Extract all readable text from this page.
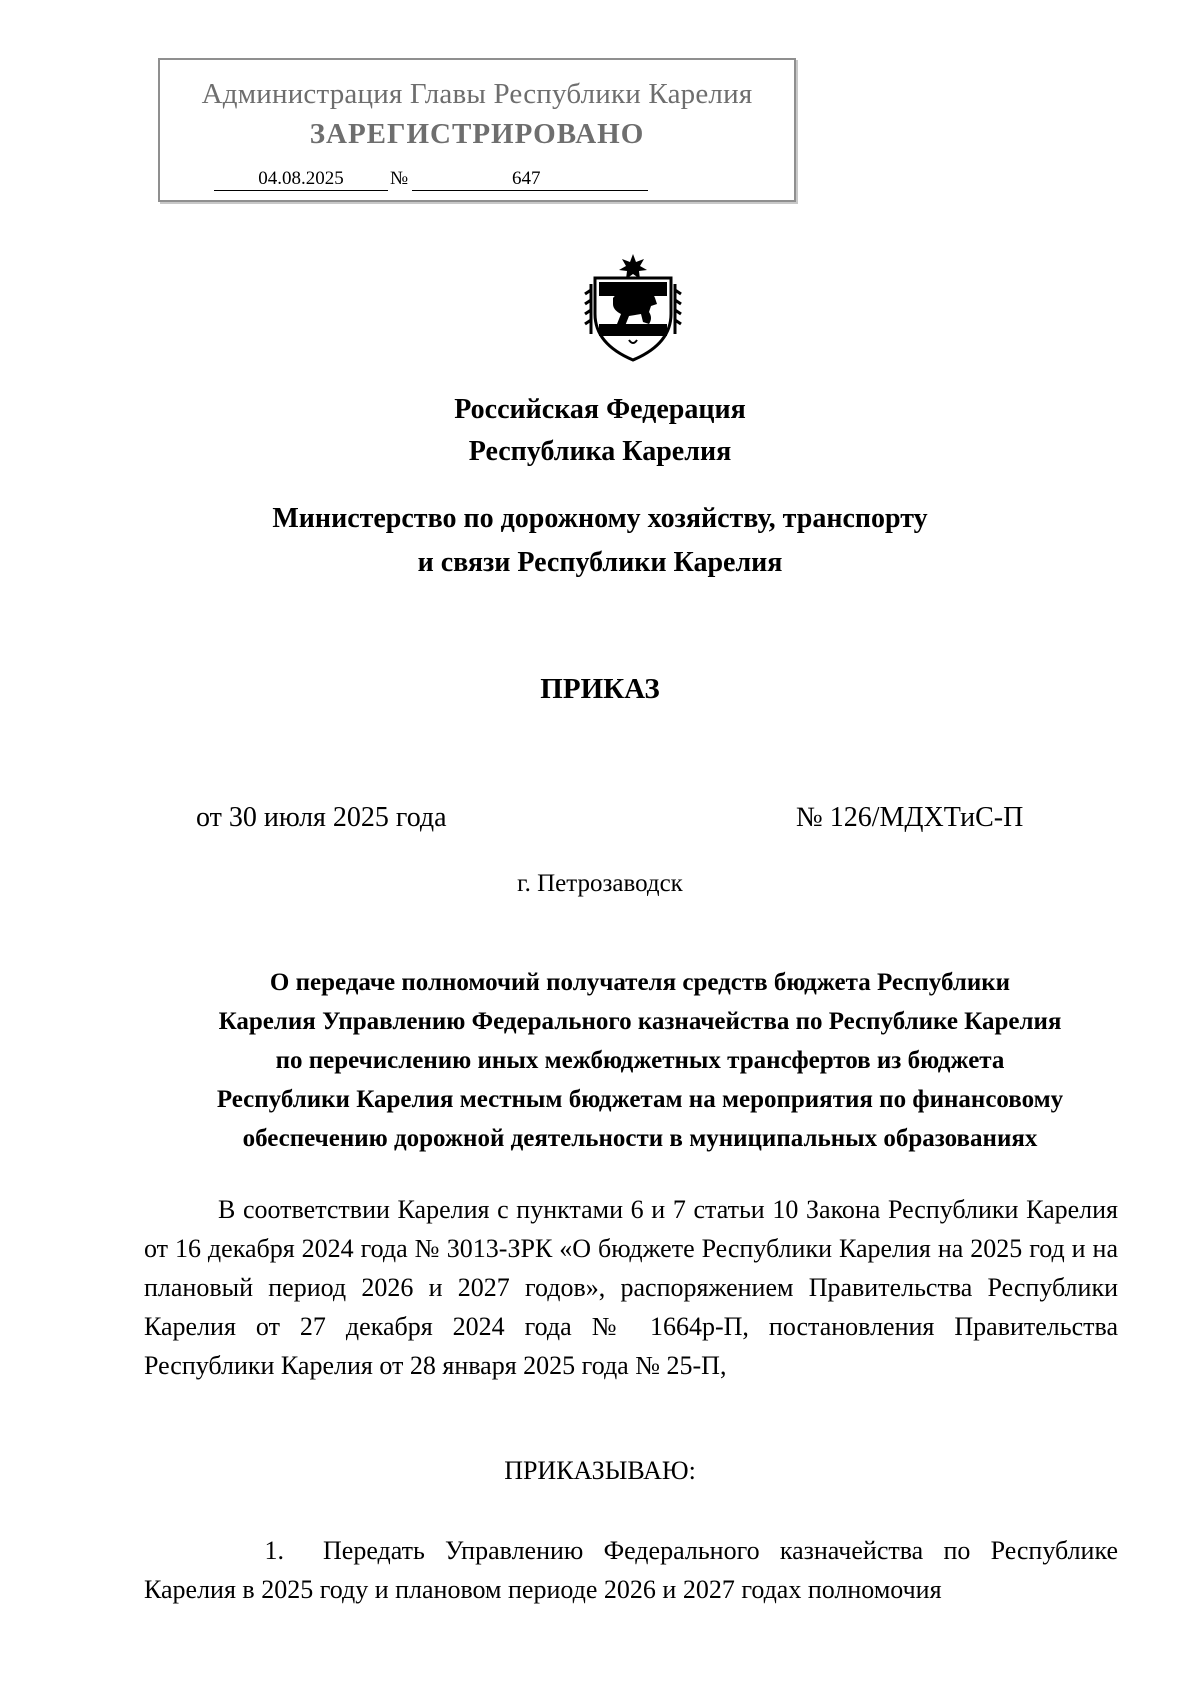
Администрация Главы Республики Карелия
ЗАРЕГИСТРИРОВАНО
04.08.2025	№	647
Российская Федерация
Республика Карелия
Министерство по дорожному хозяйству, транспорту
и связи Республики Карелия
ПРИКАЗ
от 30 июля 2025 года	№ 126/МДХТиС-П
г. Петрозаводск
О передаче полномочий получателя средств бюджета Республики
Карелия Управлению Федерального казначейства по Республике Карелия
по перечислению иных межбюджетных трансфертов из бюджета
Республики Карелия местным бюджетам на мероприятия по финансовому
обеспечению дорожной деятельности в муниципальных образованиях
В соответствии Карелия с пунктами 6 и 7 статьи 10 Закона Республики Карелия от 16 декабря 2024 года № 3013-ЗРК «О бюджете Республики Карелия на 2025 год и на плановый период 2026 и 2027 годов», распоряжением Правительства Республики Карелия от 27 декабря 2024 года № 1664р-П, постановления Правительства Республики Карелия от 28 января 2025 года № 25-П,
ПРИКАЗЫВАЮ:
1. Передать Управлению Федерального казначейства по Республике Карелия в 2025 году и плановом периоде 2026 и 2027 годах полномочия
